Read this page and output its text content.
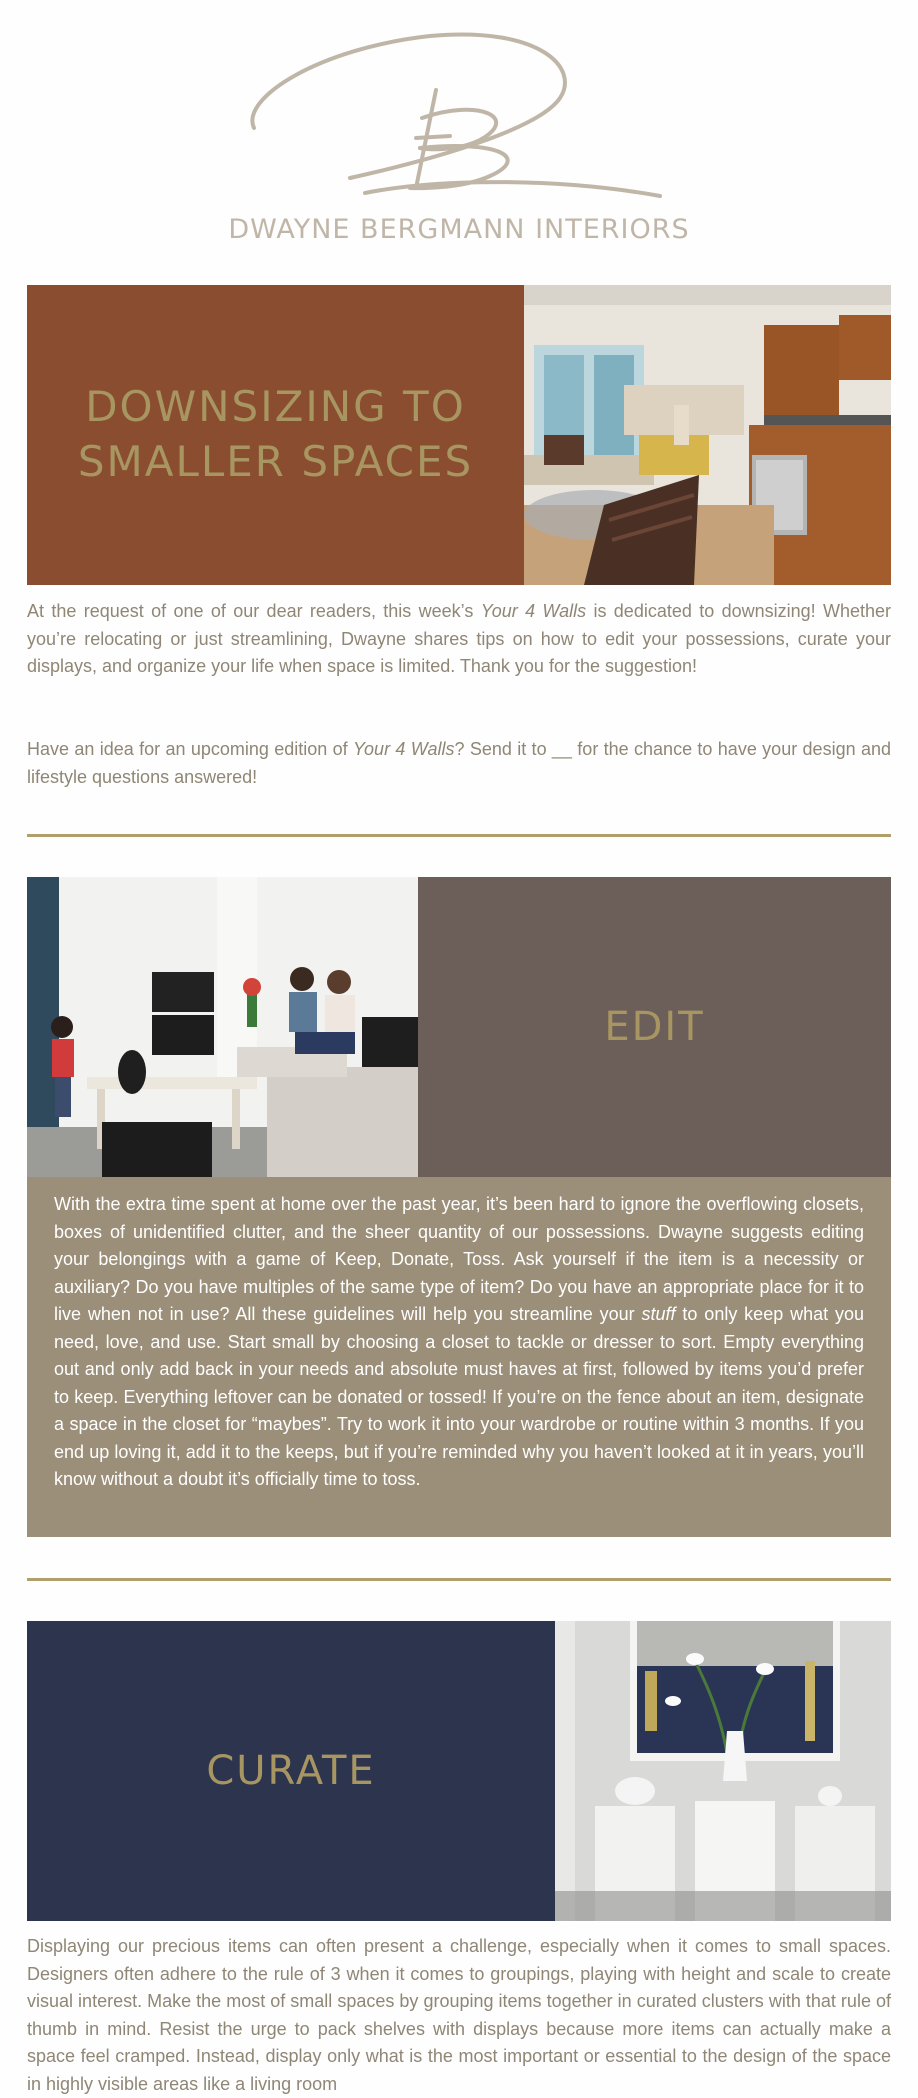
DWAYNE BERGMANN INTERIORS
DOWNSIZING TO
SMALLER SPACES
At the request of one of our dear readers, this week’s Your 4 Walls is dedicated to downsizing! Whether you’re relocating or just streamlining, Dwayne shares tips on how to edit your possessions, curate your displays, and organize your life when space is limited. Thank you for the suggestion!
Have an idea for an upcoming edition of Your 4 Walls? Send it to __ for the chance to have your design and lifestyle questions answered!
EDIT
With the extra time spent at home over the past year, it’s been hard to ignore the overflowing closets, boxes of unidentified clutter, and the sheer quantity of our possessions. Dwayne suggests editing your belongings with a game of Keep, Donate, Toss. Ask yourself if the item is a necessity or auxiliary? Do you have multiples of the same type of item? Do you have an appropriate place for it to live when not in use? All these guidelines will help you streamline your stuff to only keep what you need, love, and use. Start small by choosing a closet to tackle or dresser to sort. Empty everything out and only add back in your needs and absolute must haves at first, followed by items you’d prefer to keep. Everything leftover can be donated or tossed! If you’re on the fence about an item, designate a space in the closet for “maybes”. Try to work it into your wardrobe or routine within 3 months. If you end up loving it, add it to the keeps, but if you’re reminded why you haven’t looked at it in years, you’ll know without a doubt it’s officially time to toss.
CURATE
Displaying our precious items can often present a challenge, especially when it comes to small spaces. Designers often adhere to the rule of 3 when it comes to groupings, playing with height and scale to create visual interest. Make the most of small spaces by grouping items together in curated clusters with that rule of thumb in mind. Resist the urge to pack shelves with displays because more items can actually make a space feel cramped. Instead, display only what is the most important or essential to the design of the space in highly visible areas like a living room
